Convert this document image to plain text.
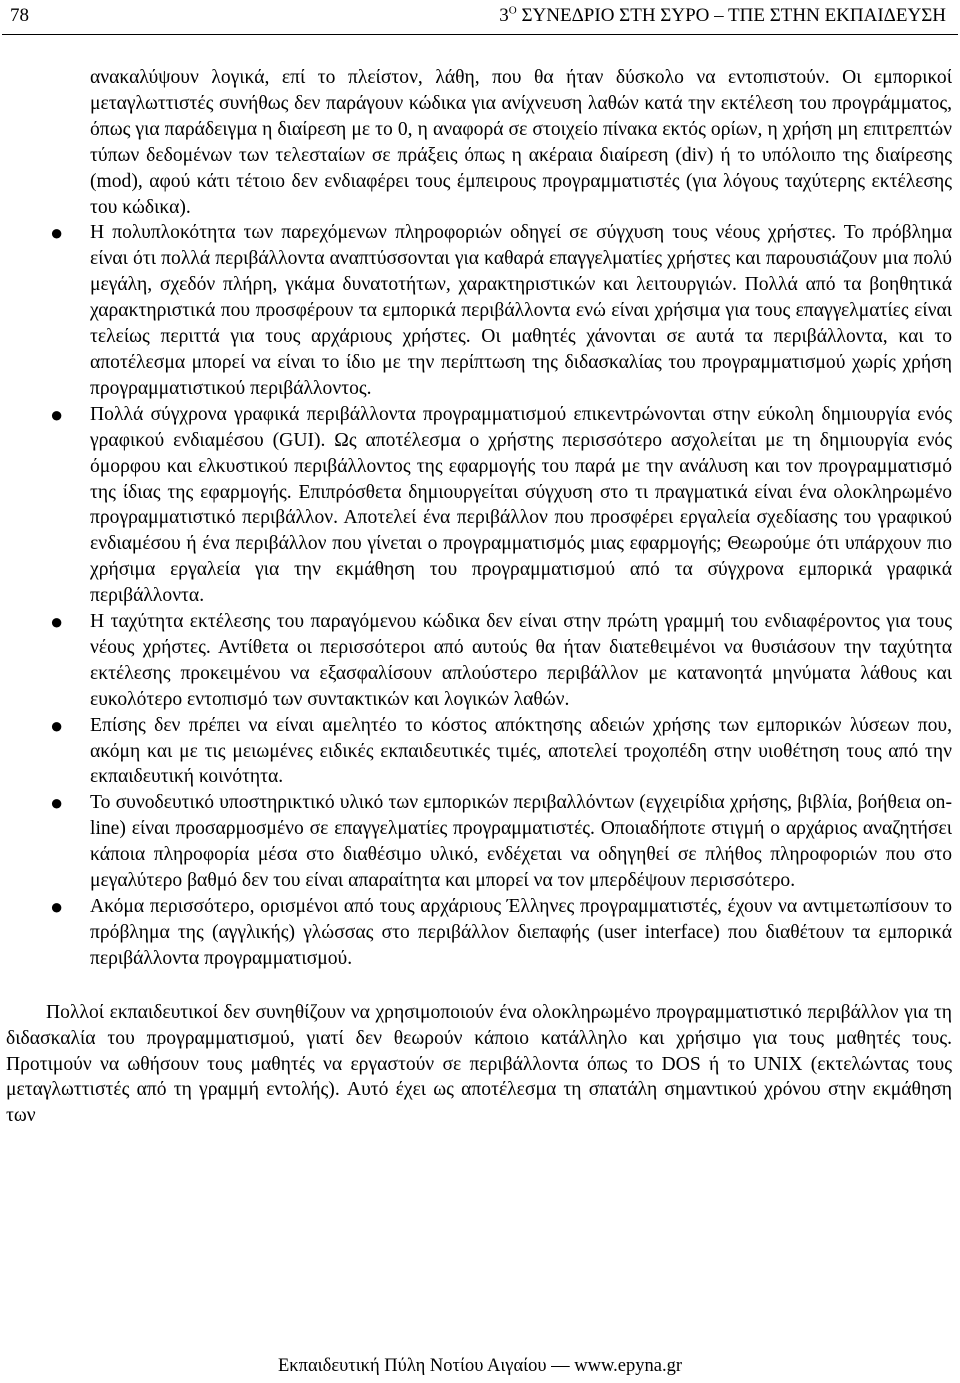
78	$3^O$ ΣΥΝΕΔΡΙΟ ΣΤΗ ΣΥΡΟ – ΤΠΕ ΣΤΗΝ ΕΚΠΑΙΔΕΥΣΗ
ανακαλύψουν λογικά, επί το πλείστον, λάθη, που θα ήταν δύσκολο να εντοπιστούν. Οι εμπορικοί μεταγλωττιστές συνήθως δεν παράγουν κώδικα για ανίχνευση λαθών κατά την εκτέλεση του προγράμματος, όπως για παράδειγμα η διαίρεση με το 0, η αναφορά σε στοιχείο πίνακα εκτός ορίων, η χρήση μη επιτρεπτών τύπων δεδομένων των τελεσταίων σε πράξεις όπως η ακέραια διαίρεση (div) ή το υπόλοιπο της διαίρεσης (mod), αφού κάτι τέτοιο δεν ενδιαφέρει τους έμπειρους προγραμματιστές (για λόγους ταχύτερης εκτέλεσης του κώδικα).
● Η πολυπλοκότητα των παρεχόμενων πληροφοριών οδηγεί σε σύγχυση τους νέους χρήστες. Το πρόβλημα είναι ότι πολλά περιβάλλοντα αναπτύσσονται για καθαρά επαγγελματίες χρήστες και παρουσιάζουν μια πολύ μεγάλη, σχεδόν πλήρη, γκάμα δυνατοτήτων, χαρακτηριστικών και λειτουργιών. Πολλά από τα βοηθητικά χαρακτηριστικά που προσφέρουν τα εμπορικά περιβάλλοντα ενώ είναι χρήσιμα για τους επαγγελματίες είναι τελείως περιττά για τους αρχάριους χρήστες. Οι μαθητές χάνονται σε αυτά τα περιβάλλοντα, και το αποτέλεσμα μπορεί να είναι το ίδιο με την περίπτωση της διδασκαλίας του προγραμματισμού χωρίς χρήση προγραμματιστικού περιβάλλοντος.
● Πολλά σύγχρονα γραφικά περιβάλλοντα προγραμματισμού επικεντρώνονται στην εύκολη δημιουργία ενός γραφικού ενδιαμέσου (GUI). Ως αποτέλεσμα ο χρήστης περισσότερο ασχολείται με τη δημιουργία ενός όμορφου και ελκυστικού περιβάλλοντος της εφαρμογής του παρά με την ανάλυση και τον προγραμματισμό της ίδιας της εφαρμογής. Επιπρόσθετα δημιουργείται σύγχυση στο τι πραγματικά είναι ένα ολοκληρωμένο προγραμματιστικό περιβάλλον. Αποτελεί ένα περιβάλλον που προσφέρει εργαλεία σχεδίασης του γραφικού ενδιαμέσου ή ένα περιβάλλον που γίνεται ο προγραμματισμός μιας εφαρμογής; Θεωρούμε ότι υπάρχουν πιο χρήσιμα εργαλεία για την εκμάθηση του προγραμματισμού από τα σύγχρονα εμπορικά γραφικά περιβάλλοντα.
● Η ταχύτητα εκτέλεσης του παραγόμενου κώδικα δεν είναι στην πρώτη γραμμή του ενδιαφέροντος για τους νέους χρήστες. Αντίθετα οι περισσότεροι από αυτούς θα ήταν διατεθειμένοι να θυσιάσουν την ταχύτητα εκτέλεσης προκειμένου να εξασφαλίσουν απλούστερο περιβάλλον με κατανοητά μηνύματα λάθους και ευκολότερο εντοπισμό των συντακτικών και λογικών λαθών.
● Επίσης δεν πρέπει να είναι αμελητέο το κόστος απόκτησης αδειών χρήσης των εμπορικών λύσεων που, ακόμη και με τις μειωμένες ειδικές εκπαιδευτικές τιμές, αποτελεί τροχοπέδη στην υιοθέτηση τους από την εκπαιδευτική κοινότητα.
● Το συνοδευτικό υποστηρικτικό υλικό των εμπορικών περιβαλλόντων (εγχειρίδια χρήσης, βιβλία, βοήθεια on-line) είναι προσαρμοσμένο σε επαγγελματίες προγραμματιστές. Οποιαδήποτε στιγμή ο αρχάριος αναζητήσει κάποια πληροφορία μέσα στο διαθέσιμο υλικό, ενδέχεται να οδηγηθεί σε πλήθος πληροφοριών που στο μεγαλύτερο βαθμό δεν του είναι απαραίτητα και μπορεί να τον μπερδέψουν περισσότερο.
● Ακόμα περισσότερο, ορισμένοι από τους αρχάριους Έλληνες προγραμματιστές, έχουν να αντιμετωπίσουν το πρόβλημα της (αγγλικής) γλώσσας στο περιβάλλον διεπαφής (user interface) που διαθέτουν τα εμπορικά περιβάλλοντα προγραμματισμού.

Πολλοί εκπαιδευτικοί δεν συνηθίζουν να χρησιμοποιούν ένα ολοκληρωμένο προγραμματιστικό περιβάλλον για τη διδασκαλία του προγραμματισμού, γιατί δεν θεωρούν κάποιο κατάλληλο και χρήσιμο για τους μαθητές τους. Προτιμούν να ωθήσουν τους μαθητές να εργαστούν σε περιβάλλοντα όπως το DOS ή το UNIX (εκτελώντας τους μεταγλωττιστές από τη γραμμή εντολής). Αυτό έχει ως αποτέλεσμα τη σπατάλη σημαντικού χρόνου στην εκμάθηση των

Εκπαιδευτική Πύλη Νοτίου Αιγαίου — www.epyna.gr
